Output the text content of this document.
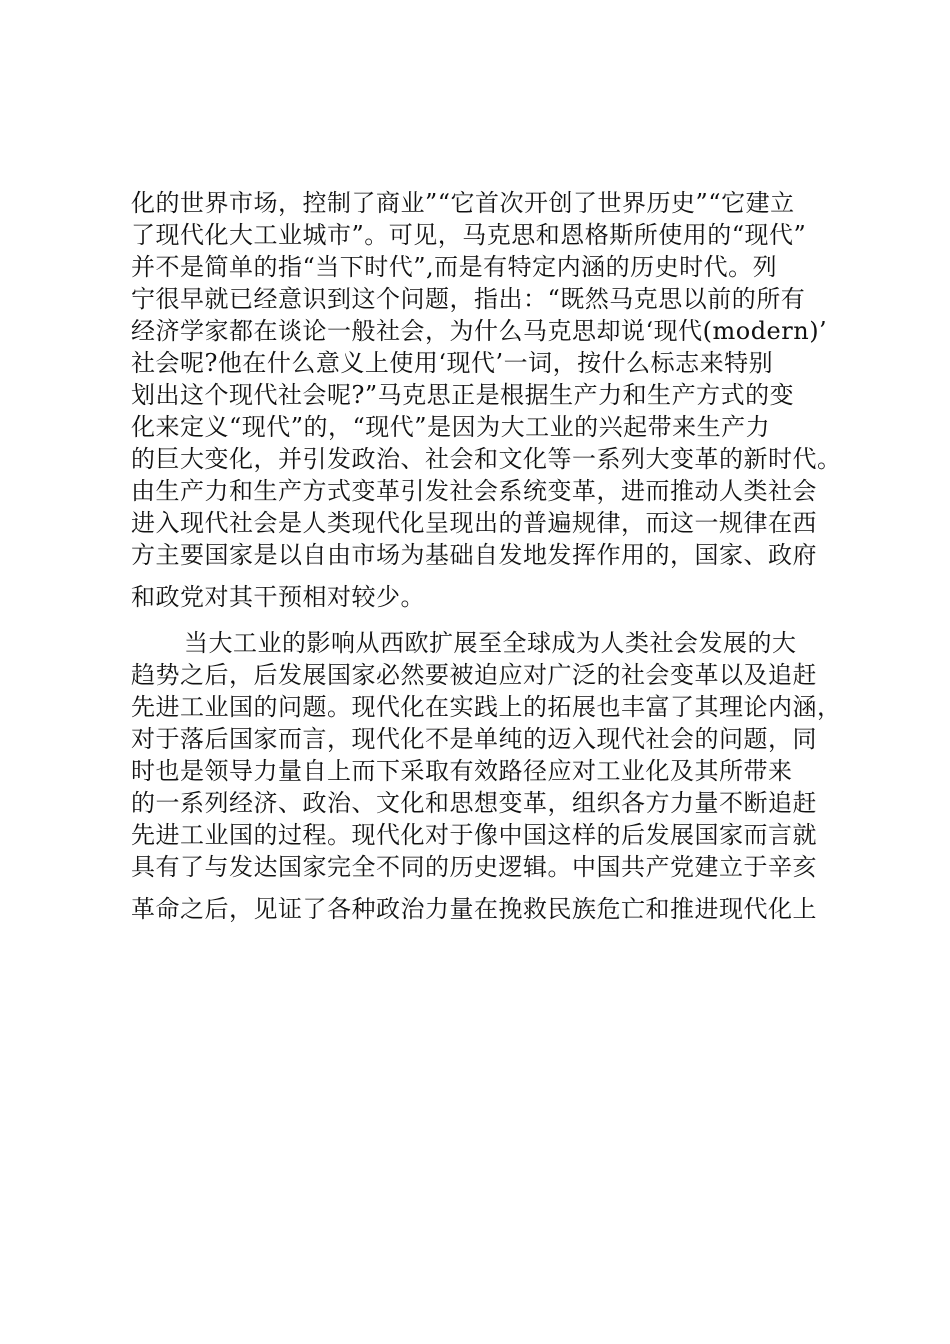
化的世界市场，控制了商业”“它首次开创了世界历史”“它建立

了现代化大工业城市”。可见，马克思和恩格斯所使用的“现代”

并不是简单的指“当下时代”,而是有特定内涵的历史时代。列

宁很早就已经意识到这个问题，指出：“既然马克思以前的所有

经济学家都在谈论一般社会，为什么马克思却说‘现代(modern)’

社会呢?他在什么意义上使用‘现代’一词，按什么标志来特别

划出这个现代社会呢?”马克思正是根据生产力和生产方式的变

化来定义“现代”的，“现代”是因为大工业的兴起带来生产力

的巨大变化，并引发政治、社会和文化等一系列大变革的新时代。

由生产力和生产方式变革引发社会系统变革，进而推动人类社会

进入现代社会是人类现代化呈现出的普遍规律，而这一规律在西

方主要国家是以自由市场为基础自发地发挥作用的，国家、政府

和政党对其干预相对较少。

当大工业的影响从西欧扩展至全球成为人类社会发展的大

趋势之后，后发展国家必然要被迫应对广泛的社会变革以及追赶

先进工业国的问题。现代化在实践上的拓展也丰富了其理论内涵，

对于落后国家而言，现代化不是单纯的迈入现代社会的问题，同

时也是领导力量自上而下采取有效路径应对工业化及其所带来

的一系列经济、政治、文化和思想变革，组织各方力量不断追赶

先进工业国的过程。现代化对于像中国这样的后发展国家而言就

具有了与发达国家完全不同的历史逻辑。中国共产党建立于辛亥

革命之后，见证了各种政治力量在挽救民族危亡和推进现代化上
